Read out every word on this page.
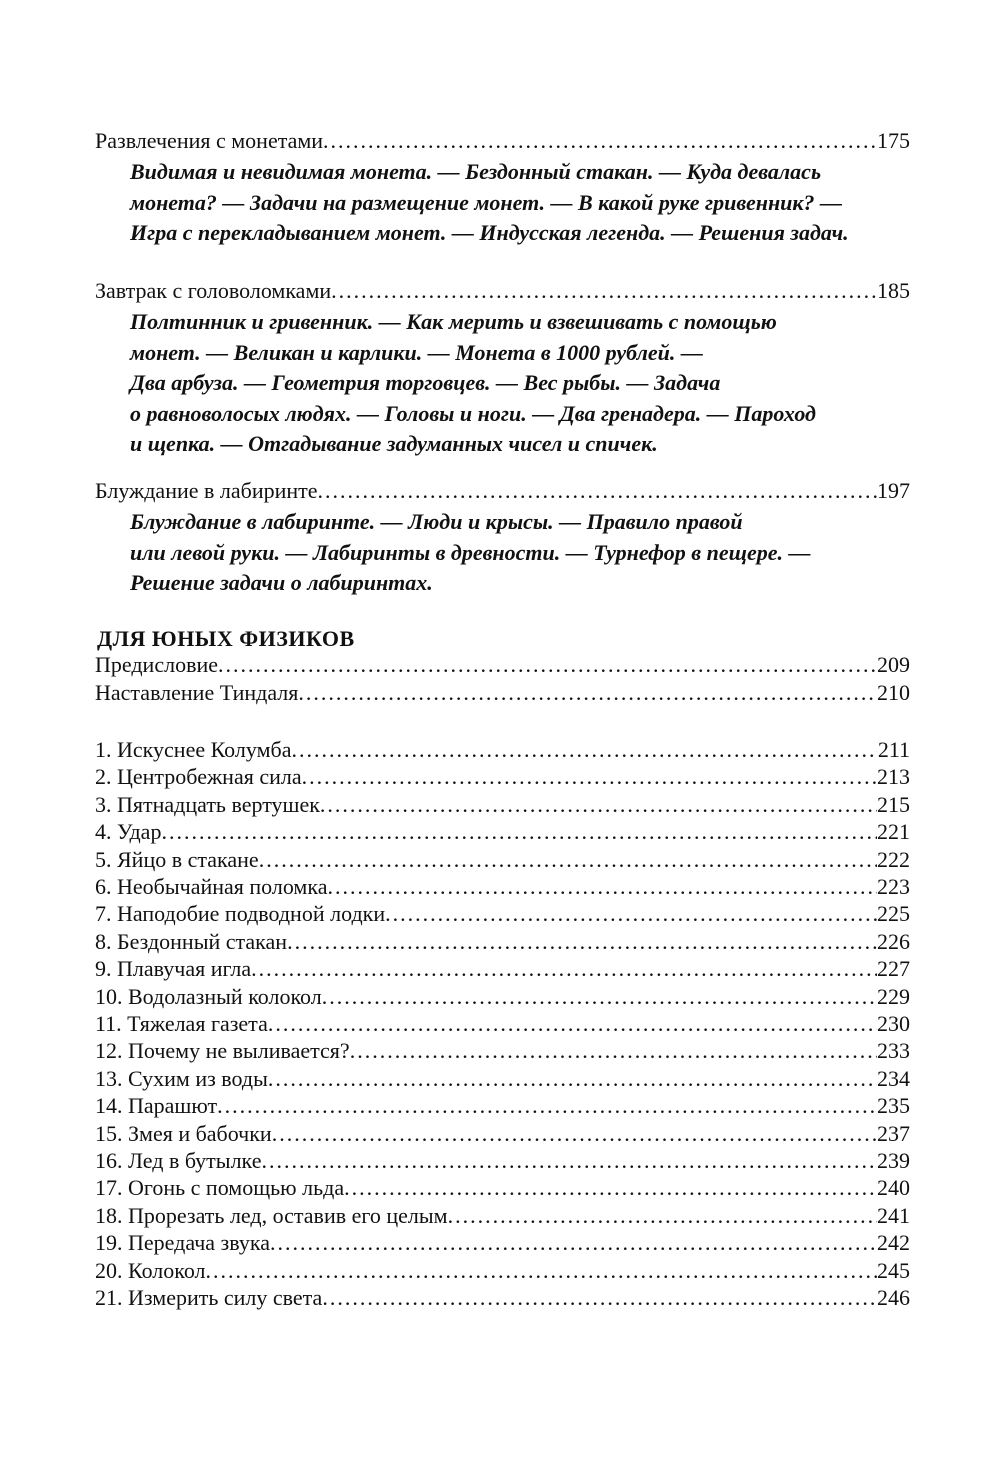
Развлечения с монетами .....	175
Видимая и невидимая монета. — Бездонный стакан. — Куда девалась
монета? — Задачи на размещение монет. — В какой руке гривенник? —
Игра с перекладыванием монет. — Индусская легенда. — Решения задач.
Завтрак с головоломками .....	185
Полтинник и гривенник. — Как мерить и взвешивать с помощью
монет. — Великан и карлики. — Монета в 1000 рублей. —
Два арбуза. — Геометрия торговцев. — Вес рыбы. — Задача
о равноволосых людях. — Головы и ноги. — Два гренадера. — Пароход
и щепка. — Отгадывание задуманных чисел и спичек.
Блуждание в лабиринте .....	197
Блуждание в лабиринте. — Люди и крысы. — Правило правой
или левой руки. — Лабиринты в древности. — Турнефор в пещере. —
Решение задачи о лабиринтах.
ДЛЯ ЮНЫХ ФИЗИКОВ
Предисловие .....	209
Наставление Тиндаля .....	210
1. Искуснее Колумба .....	211
2. Центробежная сила .....	213
3. Пятнадцать вертушек .....	215
4. Удар .....	221
5. Яйцо в стакане .....	222
6. Необычайная поломка .....	223
7. Наподобие подводной лодки .....	225
8. Бездонный стакан .....	226
9. Плавучая игла .....	227
10. Водолазный колокол .....	229
11. Тяжелая газета .....	230
12. Почему не выливается? .....	233
13. Сухим из воды .....	234
14. Парашют .....	235
15. Змея и бабочки .....	237
16. Лед в бутылке .....	239
17. Огонь с помощью льда .....	240
18. Прорезать лед, оставив его целым .....	241
19. Передача звука .....	242
20. Колокол .....	245
21. Измерить силу света .....	246
